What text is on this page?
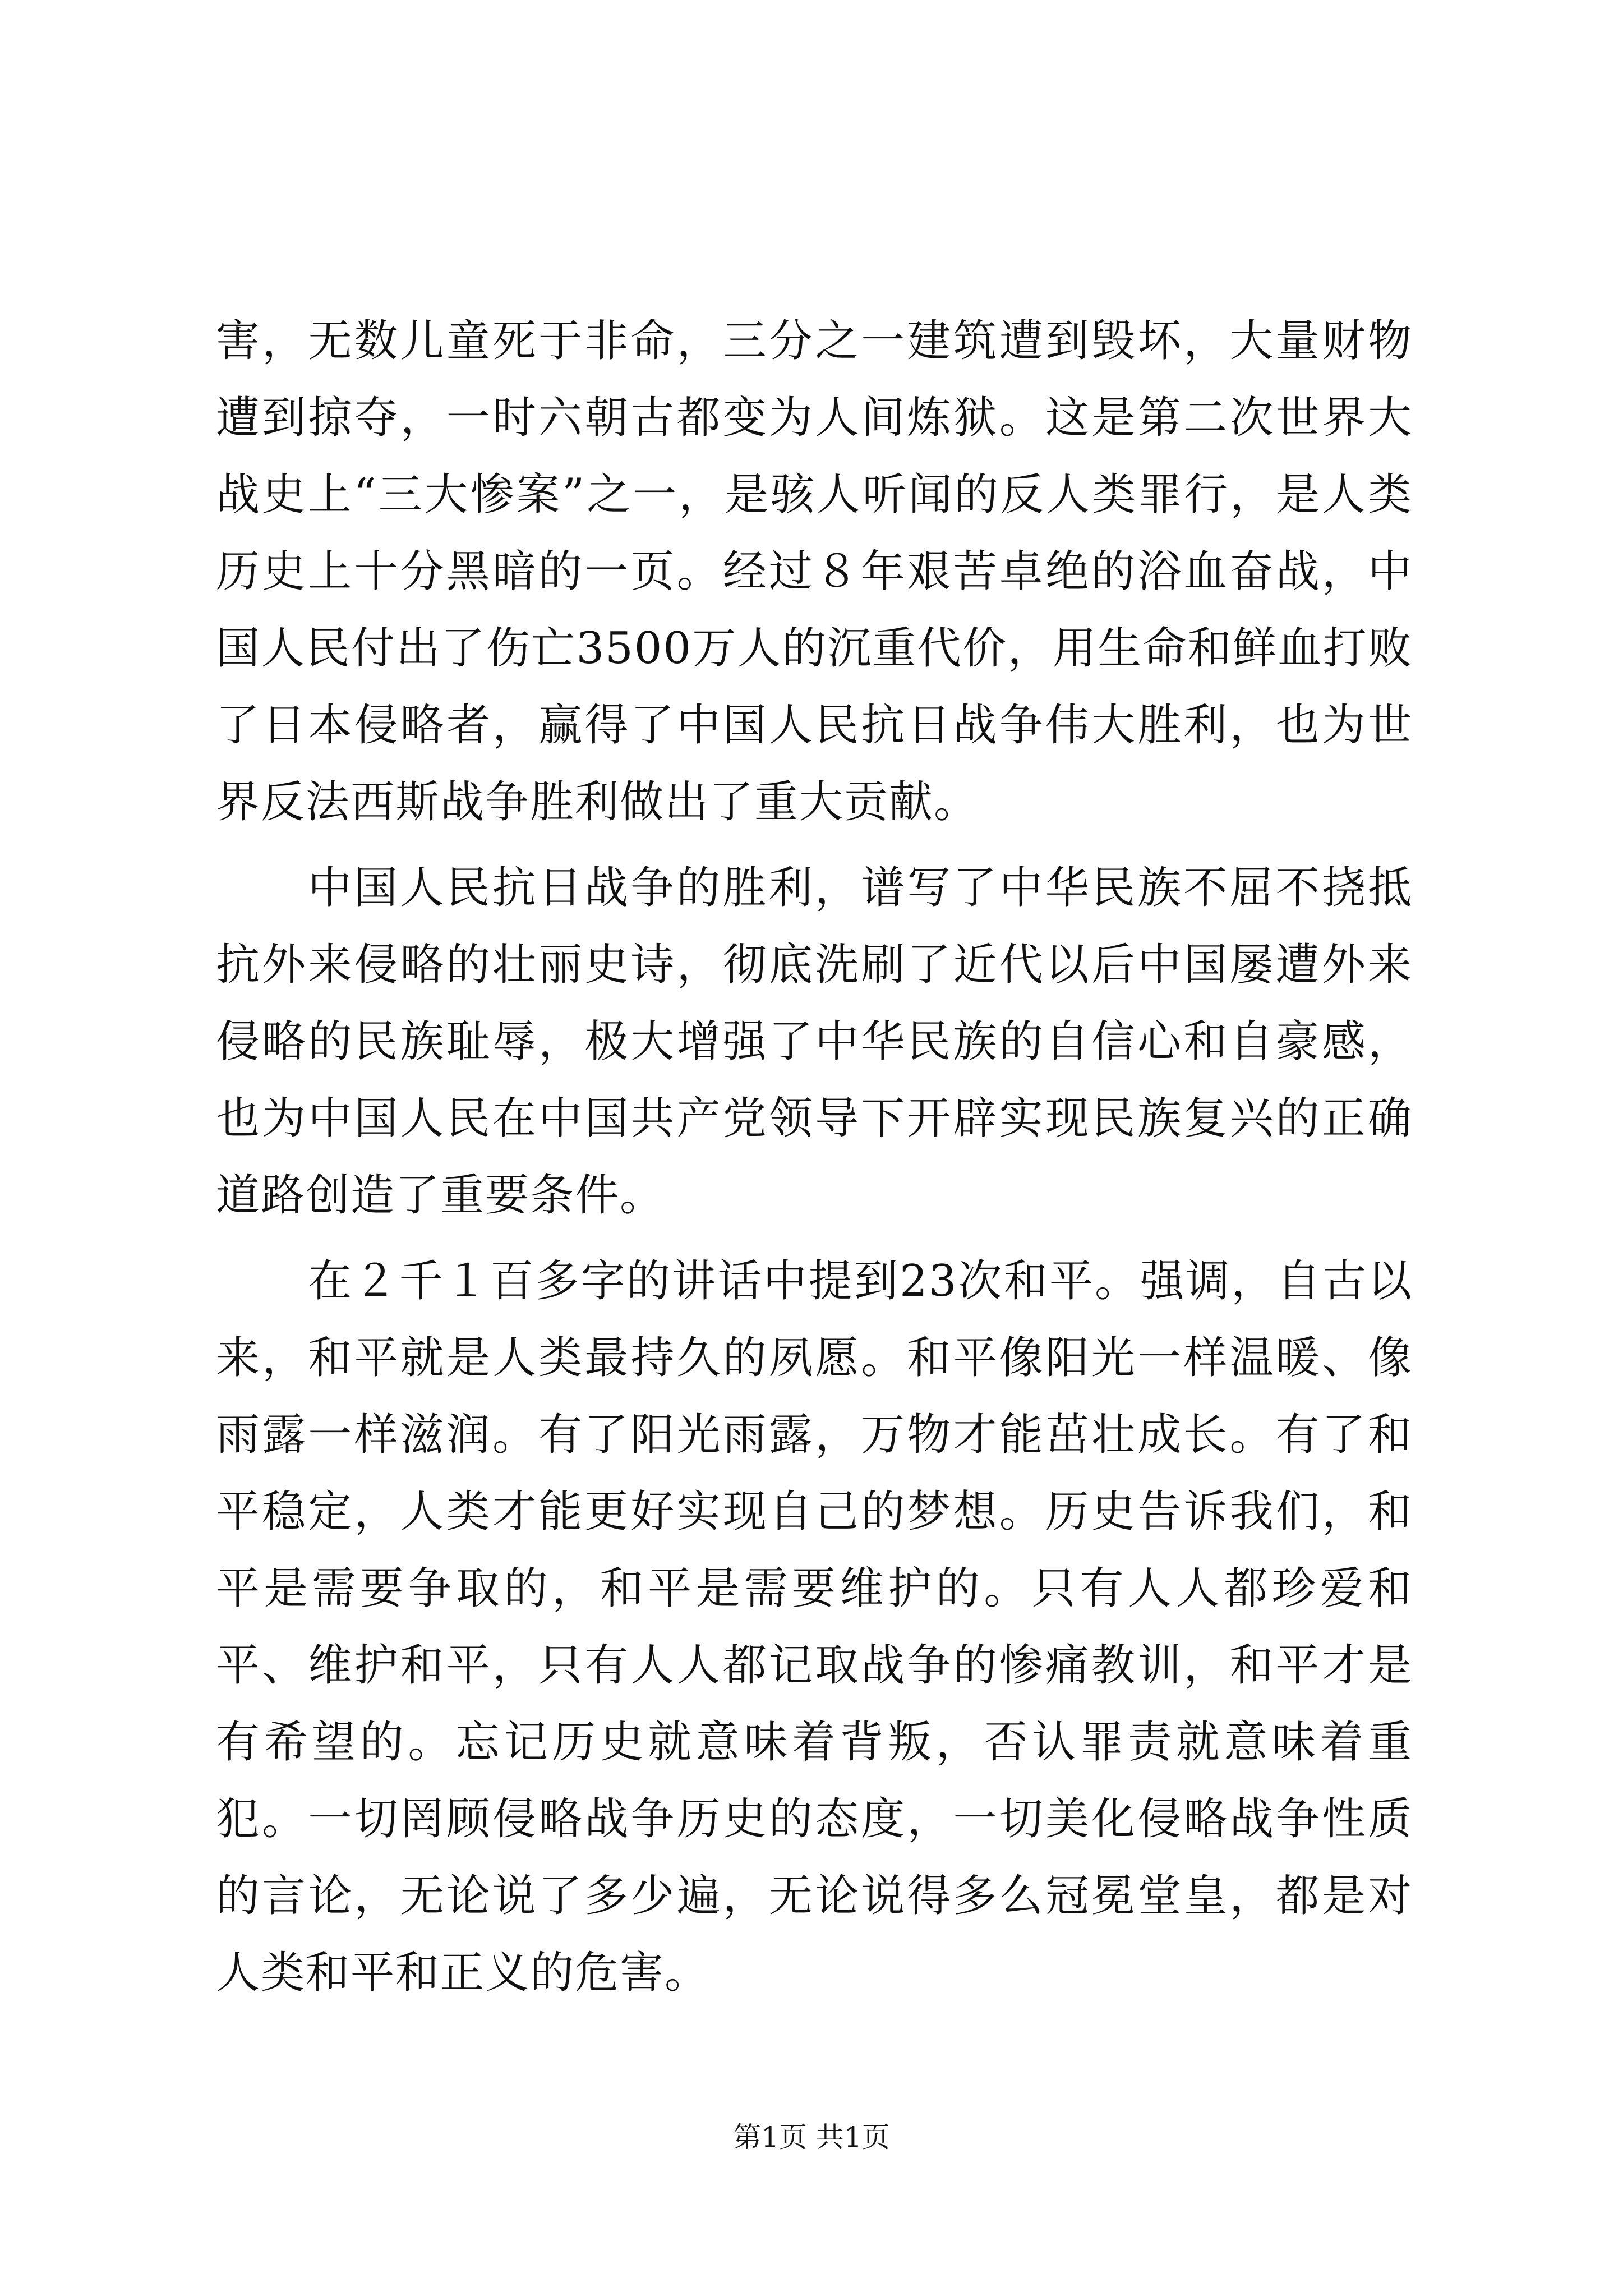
害，无数儿童死于非命，三分之一建筑遭到毁坏，大量财物遭到掠夺，一时六朝古都变为人间炼狱。这是第二次世界大战史上“三大惨案”之一，是骇人听闻的反人类罪行，是人类历史上十分黑暗的一页。经过８年艰苦卓绝的浴血奋战，中国人民付出了伤亡3500万人的沉重代价，用生命和鲜血打败了日本侵略者，赢得了中国人民抗日战争伟大胜利，也为世界反法西斯战争胜利做出了重大贡献。

中国人民抗日战争的胜利，谱写了中华民族不屈不挠抵抗外来侵略的壮丽史诗，彻底洗刷了近代以后中国屡遭外来侵略的民族耻辱，极大增强了中华民族的自信心和自豪感，也为中国人民在中国共产党领导下开辟实现民族复兴的正确道路创造了重要条件。

在２千１百多字的讲话中提到23次和平。强调，自古以来，和平就是人类最持久的夙愿。和平像阳光一样温暖、像雨露一样滋润。有了阳光雨露，万物才能茁壮成长。有了和平稳定，人类才能更好实现自己的梦想。历史告诉我们，和平是需要争取的，和平是需要维护的。只有人人都珍爱和平、维护和平，只有人人都记取战争的惨痛教训，和平才是有希望的。忘记历史就意味着背叛，否认罪责就意味着重犯。一切罔顾侵略战争历史的态度，一切美化侵略战争性质的言论，无论说了多少遍，无论说得多么冠冕堂皇，都是对人类和平和正义的危害。

第1页 共1页
